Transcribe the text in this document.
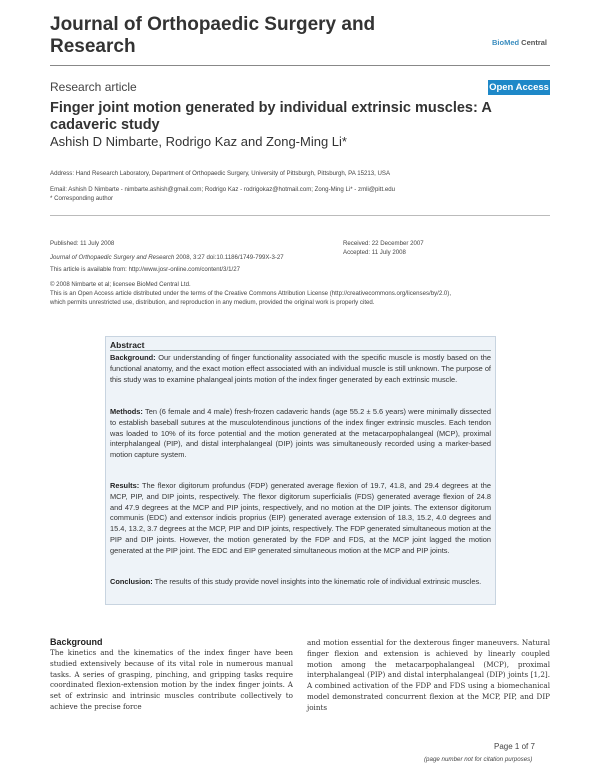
Journal of Orthopaedic Surgery and
Research	BioMed Central
Research article	Open Access
Finger joint motion generated by individual extrinsic muscles: A cadaveric study
Ashish D Nimbarte, Rodrigo Kaz and Zong-Ming Li*
Address: Hand Research Laboratory, Department of Orthopaedic Surgery, University of Pittsburgh, Pittsburgh, PA 15213, USA
Email: Ashish D Nimbarte - nimbarte.ashish@gmail.com; Rodrigo Kaz - rodrigokaz@hotmail.com; Zong-Ming Li* - zmli@pitt.edu
* Corresponding author
Published: 11 July 2008
Journal of Orthopaedic Surgery and Research 2008, 3:27 doi:10.1186/1749-799X-3-27
This article is available from: http://www.josr-online.com/content/3/1/27
Received: 22 December 2007
Accepted: 11 July 2008
© 2008 Nimbarte et al; licensee BioMed Central Ltd.
This is an Open Access article distributed under the terms of the Creative Commons Attribution License (http://creativecommons.org/licenses/by/2.0),
which permits unrestricted use, distribution, and reproduction in any medium, provided the original work is properly cited.
Abstract
Background: Our understanding of finger functionality associated with the specific muscle is mostly based on the functional anatomy, and the exact motion effect associated with an individual muscle is still unknown. The purpose of this study was to examine phalangeal joints motion of the index finger generated by each extrinsic muscle.
Methods: Ten (6 female and 4 male) fresh-frozen cadaveric hands (age 55.2 ± 5.6 years) were minimally dissected to establish baseball sutures at the musculotendinous junctions of the index finger extrinsic muscles. Each tendon was loaded to 10% of its force potential and the motion generated at the metacarpophalangeal (MCP), proximal interphalangeal (PIP), and distal interphalangeal (DIP) joints was simultaneously recorded using a marker-based motion capture system.
Results: The flexor digitorum profundus (FDP) generated average flexion of 19.7, 41.8, and 29.4 degrees at the MCP, PIP, and DIP joints, respectively. The flexor digitorum superficialis (FDS) generated average flexion of 24.8 and 47.9 degrees at the MCP and PIP joints, respectively, and no motion at the DIP joints. The extensor digitorum communis (EDC) and extensor indicis proprius (EIP) generated average extension of 18.3, 15.2, 4.0 degrees and 15.4, 13.2, 3.7 degrees at the MCP, PIP and DIP joints, respectively. The FDP generated simultaneous motion at the PIP and DIP joints. However, the motion generated by the FDP and FDS, at the MCP joint lagged the motion generated at the PIP joint. The EDC and EIP generated simultaneous motion at the MCP and PIP joints.
Conclusion: The results of this study provide novel insights into the kinematic role of individual extrinsic muscles.
Background
The kinetics and the kinematics of the index finger have been studied extensively because of its vital role in numerous manual tasks. A series of grasping, pinching, and gripping tasks require coordinated flexion-extension motion by the index finger joints. A set of extrinsic and intrinsic muscles contribute collectively to achieve the precise force
and motion essential for the dexterous finger maneuvers. Natural finger flexion and extension is achieved by linearly coupled motion among the metacarpophalangeal (MCP), proximal interphalangeal (PIP) and distal interphalangeal (DIP) joints [1,2]. A combined activation of the FDP and FDS using a biomechanical model demonstrated concurrent flexion at the MCP, PIP, and DIP joints
Page 1 of 7
(page number not for citation purposes)
